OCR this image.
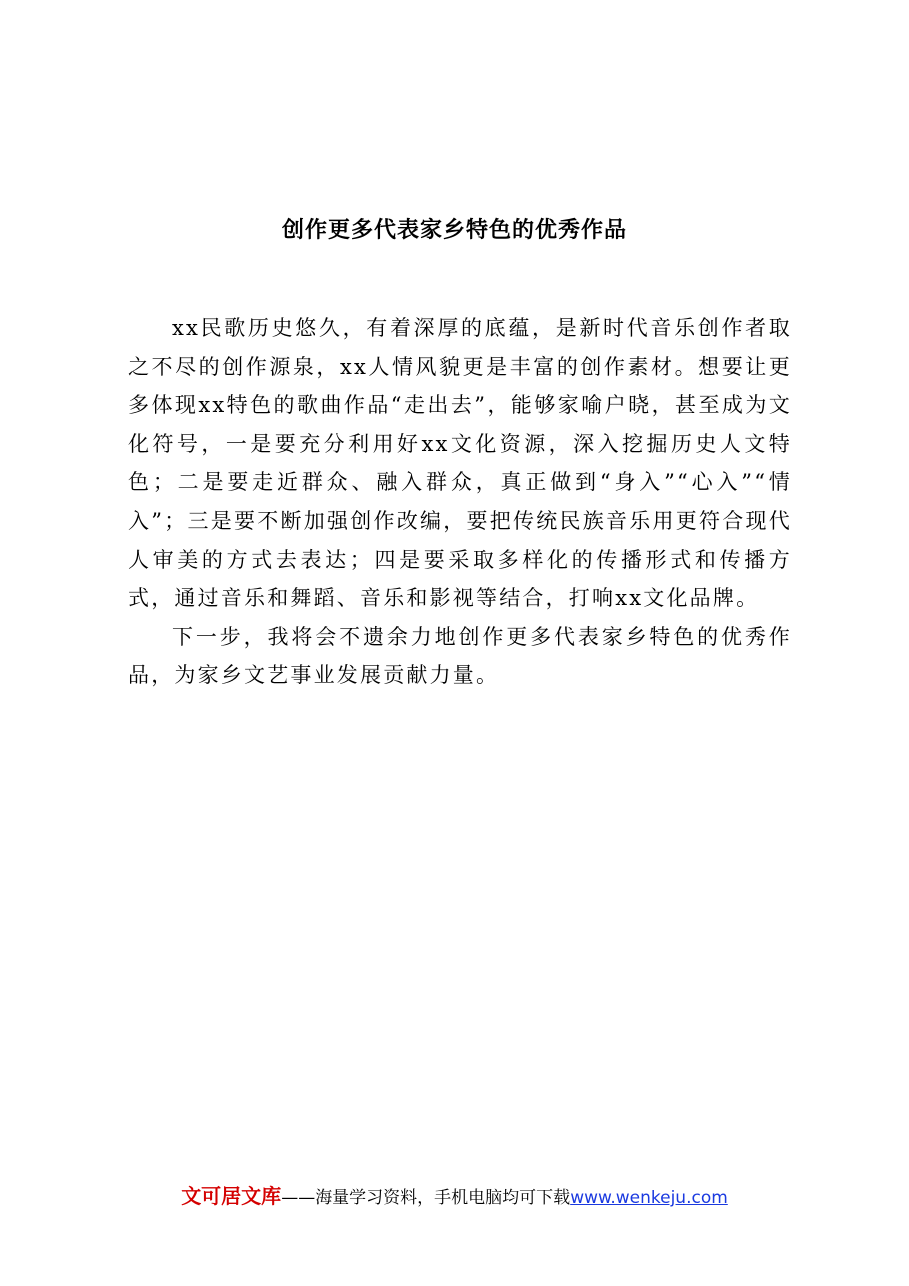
创作更多代表家乡特色的优秀作品

xx民歌历史悠久，有着深厚的底蕴，是新时代音乐创作者取之不尽的创作源泉，xx人情风貌更是丰富的创作素材。想要让更多体现xx特色的歌曲作品“走出去”，能够家喻户晓，甚至成为文化符号，一是要充分利用好xx文化资源，深入挖掘历史人文特色；二是要走近群众、融入群众，真正做到“身入”“心入”“情入”；三是要不断加强创作改编，要把传统民族音乐用更符合现代人审美的方式去表达；四是要采取多样化的传播形式和传播方式，通过音乐和舞蹈、音乐和影视等结合，打响xx文化品牌。

下一步，我将会不遗余力地创作更多代表家乡特色的优秀作品，为家乡文艺事业发展贡献力量。

文可居文库——海量学习资料，手机电脑均可下载www.wenkeju.com
